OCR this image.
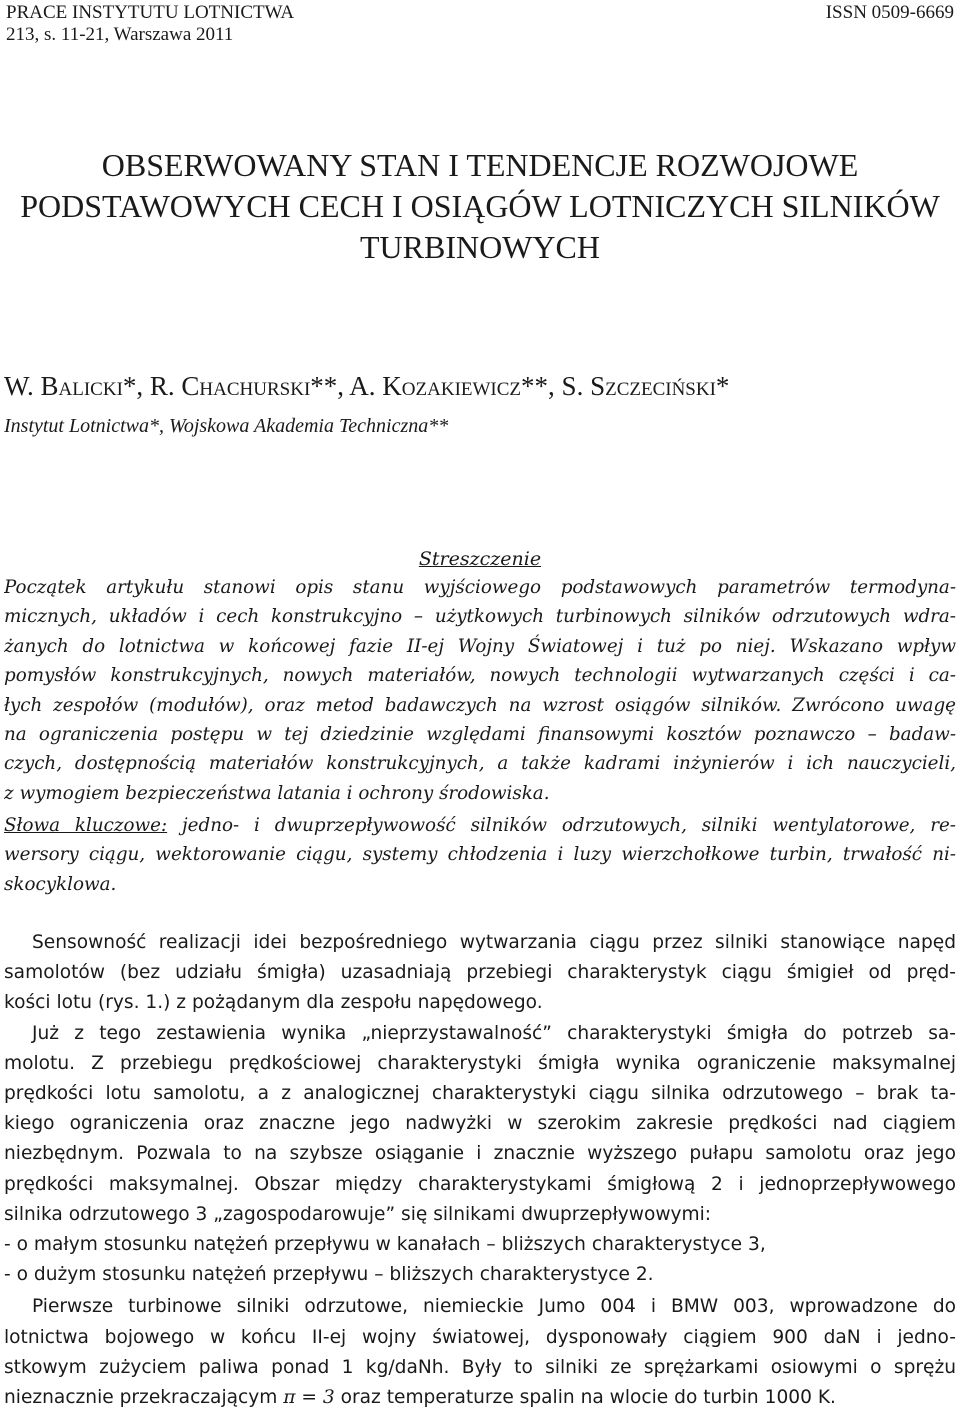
PRACE INSTYTUTU LOTNICTWA
213, s. 11-21, Warszawa 2011
ISSN 0509-6669
OBSERWOWANY STAN I TENDENCJE ROZWOJOWE
PODSTAWOWYCH CECH I OSIĄGÓW LOTNICZYCH SILNIKÓW
TURBINOWYCH
W. Balicki*, R. Chachurski**, A. Kozakiewicz**, S. Szczeciński*
Instytut Lotnictwa*, Wojskowa Akademia Techniczna**
Streszczenie
Początek artykułu stanowi opis stanu wyjściowego podstawowych parametrów termodyna-
micznych, układów i cech konstrukcyjno – użytkowych turbinowych silników odrzutowych wdra-
żanych do lotnictwa w końcowej fazie II-ej Wojny Światowej i tuż po niej. Wskazano wpływ
pomysłów konstrukcyjnych, nowych materiałów, nowych technologii wytwarzanych części i ca-
łych zespołów (modułów), oraz metod badawczych na wzrost osiągów silników. Zwrócono uwagę
na ograniczenia postępu w tej dziedzinie względami finansowymi kosztów poznawczo – badaw-
czych, dostępnością materiałów konstrukcyjnych, a także kadrami inżynierów i ich nauczycieli,
z wymogiem bezpieczeństwa latania i ochrony środowiska.
Słowa kluczowe: jedno- i dwuprzepływowość silników odrzutowych, silniki wentylatorowe, re-
wersory ciągu, wektorowanie ciągu, systemy chłodzenia i luzy wierzchołkowe turbin, trwałość ni-
skocyklowa.
Sensowność realizacji idei bezpośredniego wytwarzania ciągu przez silniki stanowiące napęd
samolotów (bez udziału śmigła) uzasadniają przebiegi charakterystyk ciągu śmigieł od pręd-
kości lotu (rys. 1.) z pożądanym dla zespołu napędowego.
Już z tego zestawienia wynika „nieprzystawalność” charakterystyki śmigła do potrzeb sa-
molotu. Z przebiegu prędkościowej charakterystyki śmigła wynika ograniczenie maksymalnej
prędkości lotu samolotu, a z analogicznej charakterystyki ciągu silnika odrzutowego – brak ta-
kiego ograniczenia oraz znaczne jego nadwyżki w szerokim zakresie prędkości nad ciągiem
niezbędnym. Pozwala to na szybsze osiąganie i znacznie wyższego pułapu samolotu oraz jego
prędkości maksymalnej. Obszar między charakterystykami śmigłową 2 i jednoprzepływowego
silnika odrzutowego 3 „zagospodarowuje” się silnikami dwuprzepływowymi:
- o małym stosunku natężeń przepływu w kanałach – bliższych charakterystyce 3,
- o dużym stosunku natężeń przepływu – bliższych charakterystyce 2.
Pierwsze turbinowe silniki odrzutowe, niemieckie Jumo 004 i BMW 003, wprowadzone do
lotnictwa bojowego w końcu II-ej wojny światowej, dysponowały ciągiem 900 daN i jedno-
stkowym zużyciem paliwa ponad 1 kg/daNh. Były to silniki ze sprężarkami osiowymi o sprężu
nieznacznie przekraczającym π = 3 oraz temperaturze spalin na wlocie do turbin 1000 K.
